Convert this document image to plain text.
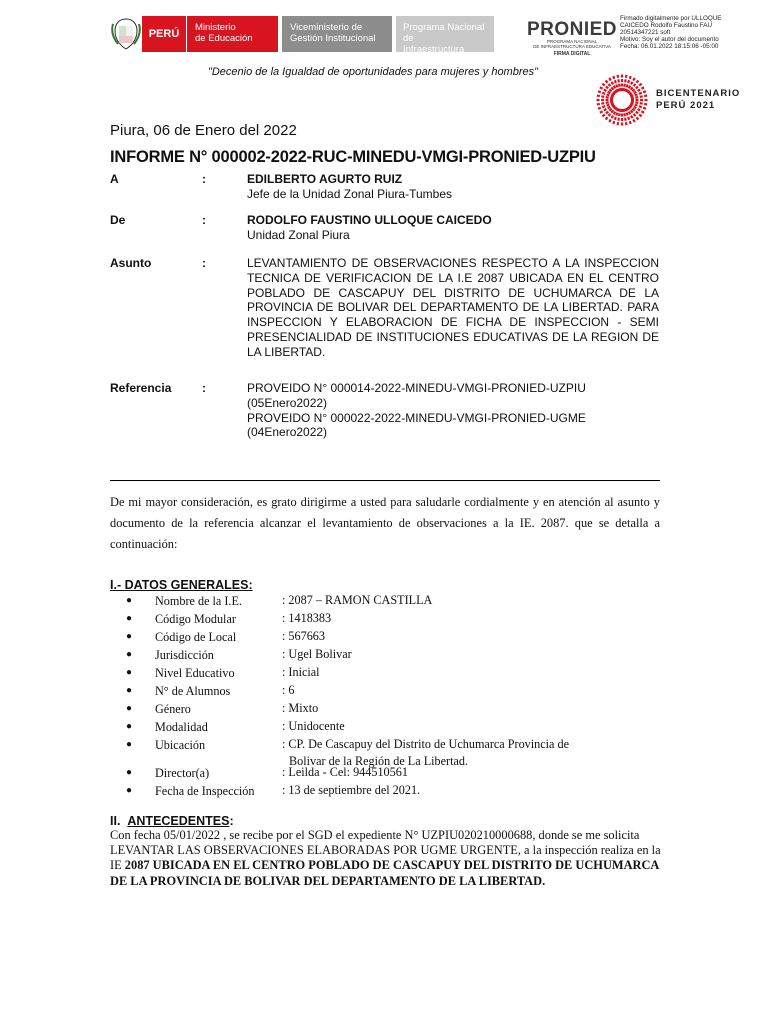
PERÚ
Ministerio
de Educación
Viceministerio de
Gestión Institucional
Programa Nacional de
Infraestructura Educativa
PRONIED
PROGRAMA NACIONAL
DE INFRAESTRUCTURA EDUCATIVA
FIRMA DIGITAL
Firmado digitalmente por ULLOQUE
CAICEDO Rodolfo Faustino FAU
20514347221 soft
Motivo: Soy el autor del documento
Fecha: 06.01.2022 18:15:06 -05:00
"Decenio de la Igualdad de oportunidades para mujeres y hombres"
BICENTENARIO
PERÚ 2021
Piura, 06 de Enero del 2022
INFORME N° 000002-2022-RUC-MINEDU-VMGI-PRONIED-UZPIU
A	:	EDILBERTO AGURTO RUIZ
Jefe de la Unidad Zonal Piura-Tumbes
De	:	RODOLFO FAUSTINO ULLOQUE CAICEDO
Unidad Zonal Piura
Asunto	:	LEVANTAMIENTO DE OBSERVACIONES RESPECTO A LA INSPECCION TECNICA DE VERIFICACION DE LA I.E 2087 UBICADA EN EL CENTRO POBLADO DE CASCAPUY DEL DISTRITO DE UCHUMARCA DE LA PROVINCIA DE BOLIVAR DEL DEPARTAMENTO DE LA LIBERTAD. PARA INSPECCION Y ELABORACION DE FICHA DE INSPECCION - SEMI PRESENCIALIDAD DE INSTITUCIONES EDUCATIVAS DE LA REGION DE LA LIBERTAD.
Referencia	:	PROVEIDO N° 000014-2022-MINEDU-VMGI-PRONIED-UZPIU
(05Enero2022)
PROVEIDO N° 000022-2022-MINEDU-VMGI-PRONIED-UGME
(04Enero2022)
De mi mayor consideración, es grato dirigirme a usted para saludarle cordialmente y en atención al asunto y documento de la referencia alcanzar el levantamiento de observaciones a la IE. 2087. que se detalla a continuación:
I.- DATOS GENERALES:
● Nombre de la I.E.	: 2087 – RAMON CASTILLA
● Código Modular	: 1418383
● Código de Local	: 567663
● Jurisdicción	: Ugel Bolivar
● Nivel Educativo	: Inicial
● N° de Alumnos	: 6
● Género	: Mixto
● Modalidad	: Unidocente
● Ubicación	: CP. De Cascapuy del Distrito de Uchumarca Provincia de
Bolivar de la Región de La Libertad.
● Director(a)	: Leilda - Cel: 944510561
● Fecha de Inspección : 13 de septiembre del 2021.
II. ANTECEDENTES:
Con fecha 05/01/2022 , se recibe por el SGD el expediente N° UZPIU020210000688, donde se me solicita LEVANTAR LAS OBSERVACIONES ELABORADAS POR UGME URGENTE, a la inspección realiza en la IE 2087 UBICADA EN EL CENTRO POBLADO DE CASCAPUY DEL DISTRITO DE UCHUMARCA DE LA PROVINCIA DE BOLIVAR DEL DEPARTAMENTO DE LA LIBERTAD.
